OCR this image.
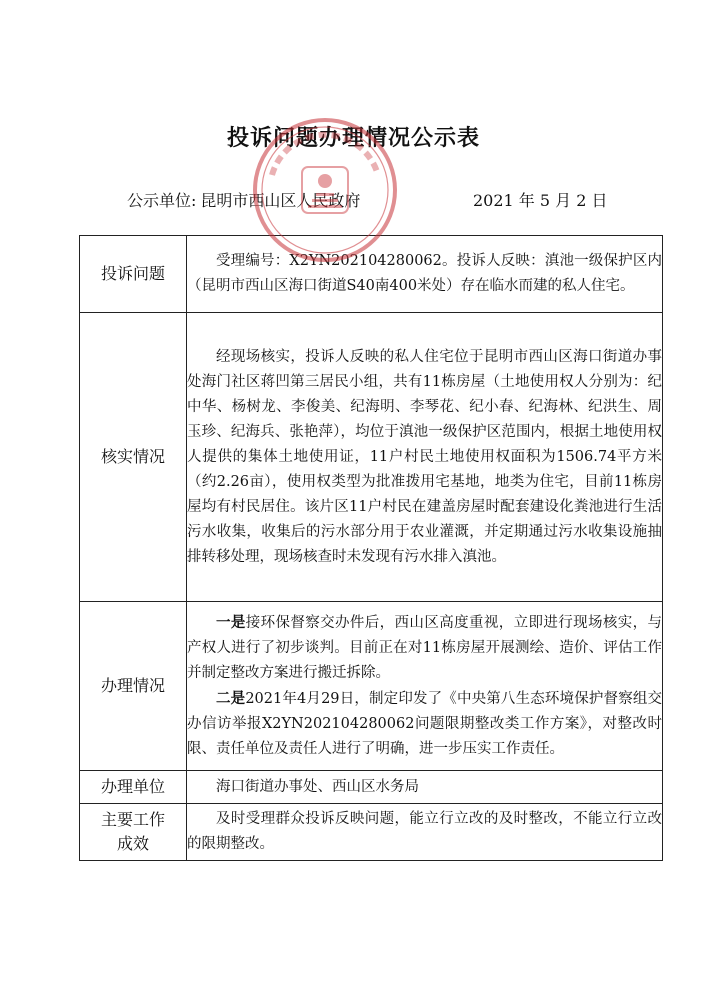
投诉问题办理情况公示表
公示单位: 昆明市西山区人民政府	2021 年 5 月 2 日
投诉问题	受理编号：X2YN202104280062。投诉人反映：滇池一级保护区内（昆明市西山区海口街道S40南400米处）存在临水而建的私人住宅。

核实情况	经现场核实，投诉人反映的私人住宅位于昆明市西山区海口街道办事处海门社区蒋凹第三居民小组，共有11栋房屋（土地使用权人分别为：纪中华、杨树龙、李俊美、纪海明、李琴花、纪小春、纪海林、纪洪生、周玉珍、纪海兵、张艳萍），均位于滇池一级保护区范围内，根据土地使用权人提供的集体土地使用证，11户村民土地使用权面积为1506.74平方米（约2.26亩），使用权类型为批准拨用宅基地，地类为住宅，目前11栋房屋均有村民居住。该片区11户村民在建盖房屋时配套建设化粪池进行生活污水收集，收集后的污水部分用于农业灌溉，并定期通过污水收集设施抽排转移处理，现场核查时未发现有污水排入滇池。

办理情况	一是接环保督察交办件后，西山区高度重视，立即进行现场核实，与产权人进行了初步谈判。目前正在对11栋房屋开展测绘、造价、评估工作并制定整改方案进行搬迁拆除。

二是2021年4月29日，制定印发了《中央第八生态环境保护督察组交办信访举报X2YN202104280062问题限期整改类工作方案》，对整改时限、责任单位及责任人进行了明确，进一步压实工作责任。

办理单位	海口街道办事处、西山区水务局

主要工作
成效	及时受理群众投诉反映问题，能立行立改的及时整改，不能立行立改的限期整改。
